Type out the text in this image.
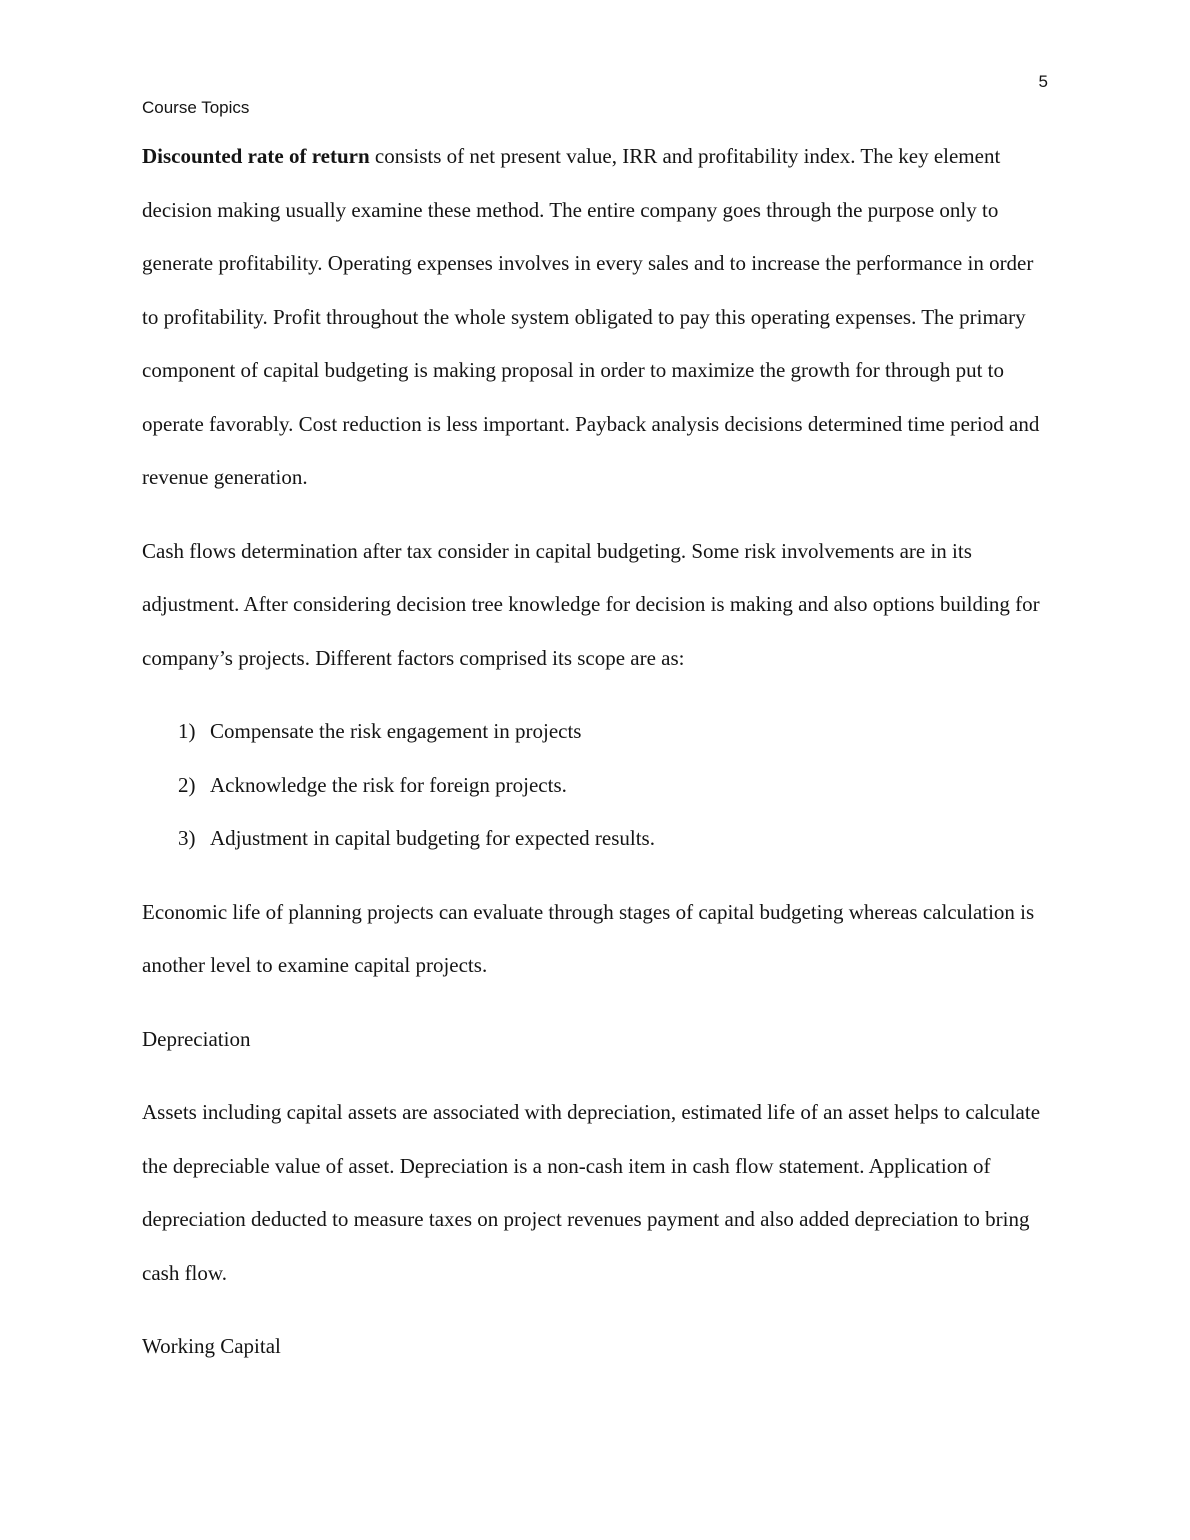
5
Course Topics

Discounted rate of return consists of net present value, IRR and profitability index. The key element decision making usually examine these method. The entire company goes through the purpose only to generate profitability. Operating expenses involves in every sales and to increase the performance in order to profitability. Profit throughout the whole system obligated to pay this operating expenses. The primary component of capital budgeting is making proposal in order to maximize the growth for through put to operate favorably. Cost reduction is less important. Payback analysis decisions determined time period and revenue generation.

Cash flows determination after tax consider in capital budgeting. Some risk involvements are in its adjustment. After considering decision tree knowledge for decision is making and also options building for company’s projects. Different factors comprised its scope are as:

1) Compensate the risk engagement in projects
2) Acknowledge the risk for foreign projects.
3) Adjustment in capital budgeting for expected results.

Economic life of planning projects can evaluate through stages of capital budgeting whereas calculation is another level to examine capital projects.

Depreciation

Assets including capital assets are associated with depreciation, estimated life of an asset helps to calculate the depreciable value of asset. Depreciation is a non-cash item in cash flow statement. Application of depreciation deducted to measure taxes on project revenues payment and also added depreciation to bring cash flow.

Working Capital
